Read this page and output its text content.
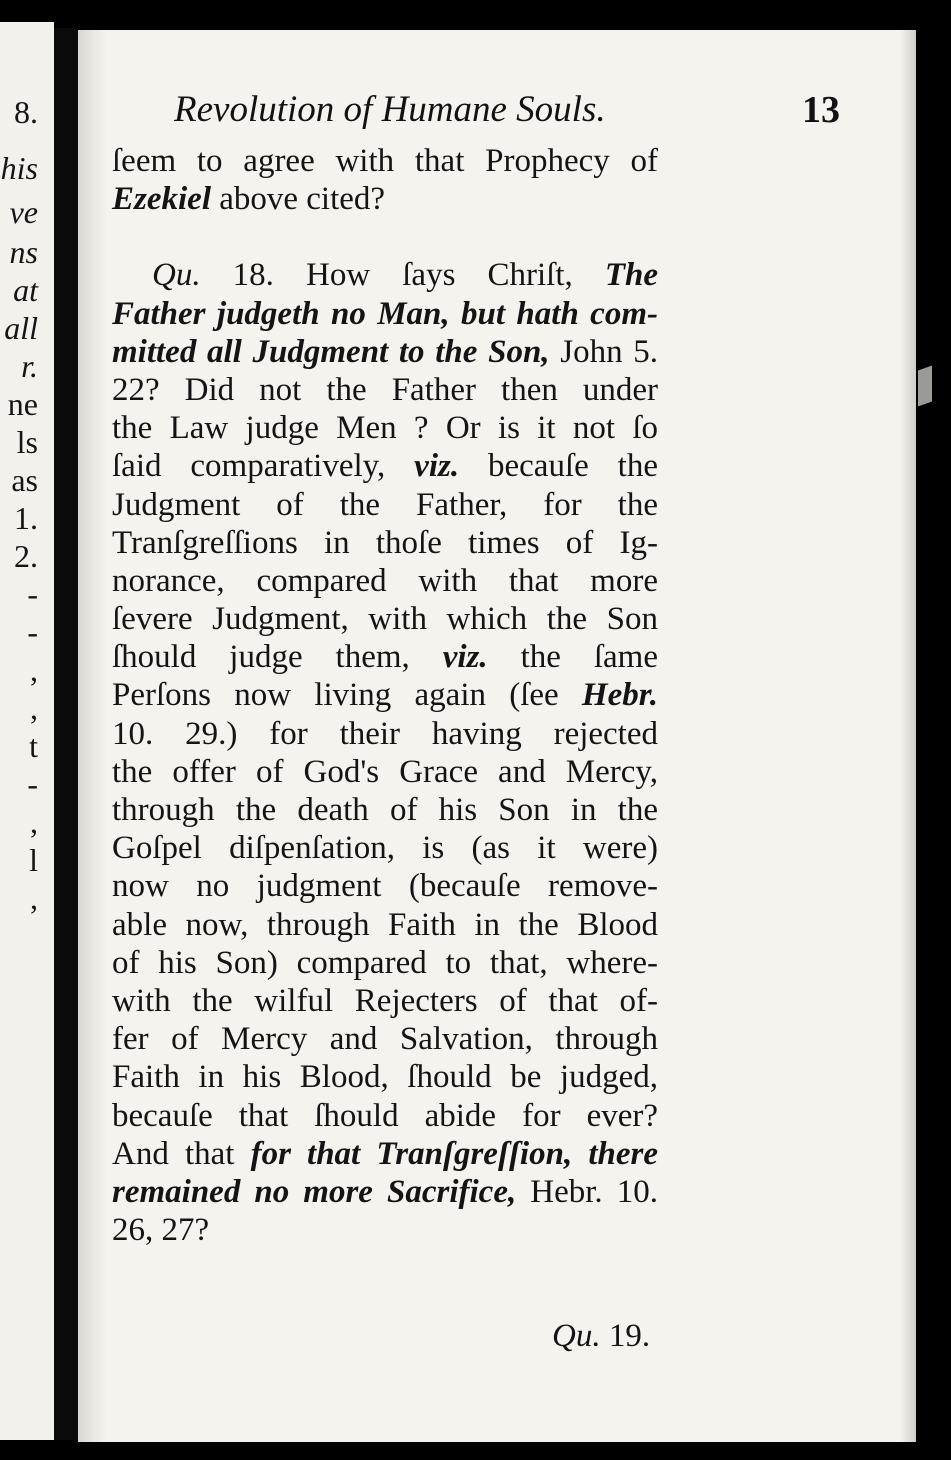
8.
his
ve
ns
at
all
r.
ne
ls
as
1.
2.
-
-
,
,
t
-
,
l
,
Revolution of Humane Souls.	13
ſeem to agree with that Prophecy of
Ezekiel above cited?
Qu. 18. How ſays Chriſt, The
Father judgeth no Man, but hath com-
mitted all Judgment to the Son, John 5.
22? Did not the Father then under
the Law judge Men ? Or is it not ſo
ſaid comparatively, viz. becauſe the
Judgment of the Father, for the
Tranſgreſſions in thoſe times of Ig-
norance, compared with that more
ſevere Judgment, with which the Son
ſhould judge them, viz. the ſame
Perſons now living again (ſee Hebr.
10. 29.) for their having rejected
the offer of God's Grace and Mercy,
through the death of his Son in the
Goſpel diſpenſation, is (as it were)
now no judgment (becauſe remove-
able now, through Faith in the Blood
of his Son) compared to that, where-
with the wilful Rejecters of that of-
fer of Mercy and Salvation, through
Faith in his Blood, ſhould be judged,
becauſe that ſhould abide for ever?
And that for that Tranſgreſſion, there
remained no more Sacrifice, Hebr. 10.
26, 27?
Qu. 19.
